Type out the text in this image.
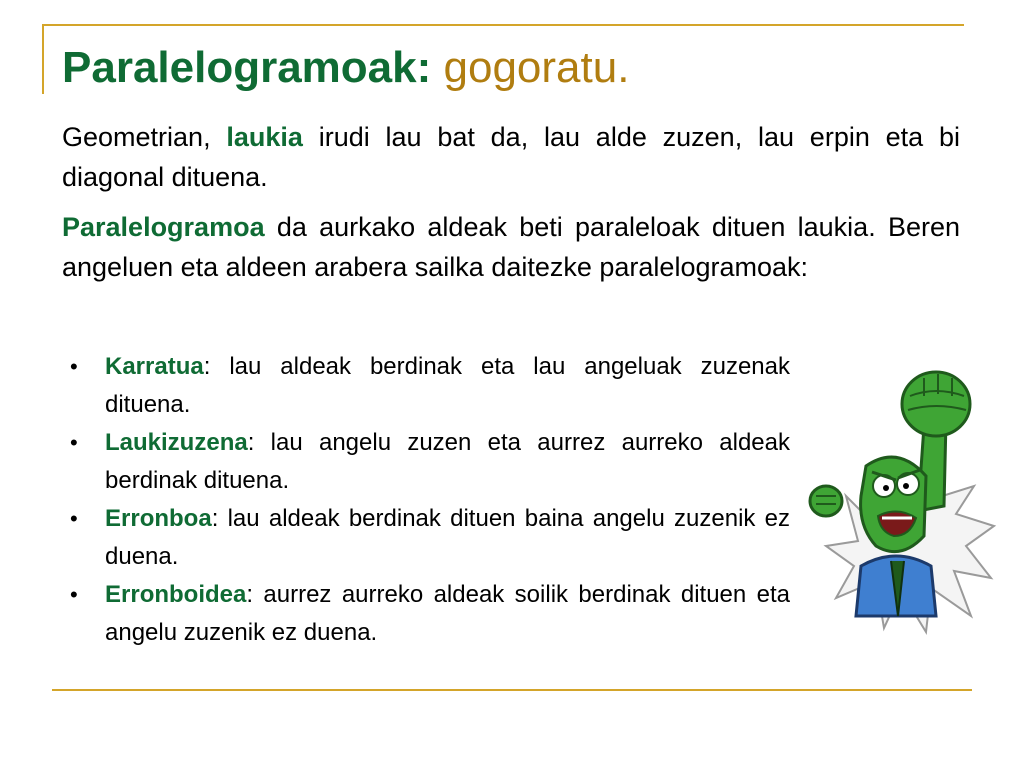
Paralelogramoak: gogoratu.
Geometrian, laukia irudi lau bat da, lau alde zuzen, lau erpin eta bi diagonal dituena.
Paralelogramoa da aurkako aldeak beti paraleloak dituen laukia. Beren angeluen eta aldeen arabera sailka daitezke paralelogramoak:
• Karratua: lau aldeak berdinak eta lau angeluak zuzenak dituena.
• Laukizuzena: lau angelu zuzen eta aurrez aurreko aldeak berdinak dituena.
• Erronboa: lau aldeak berdinak dituen baina angelu zuzenik ez duena.
• Erronboidea: aurrez aurreko aldeak soilik berdinak dituen eta angelu zuzenik ez duena.
